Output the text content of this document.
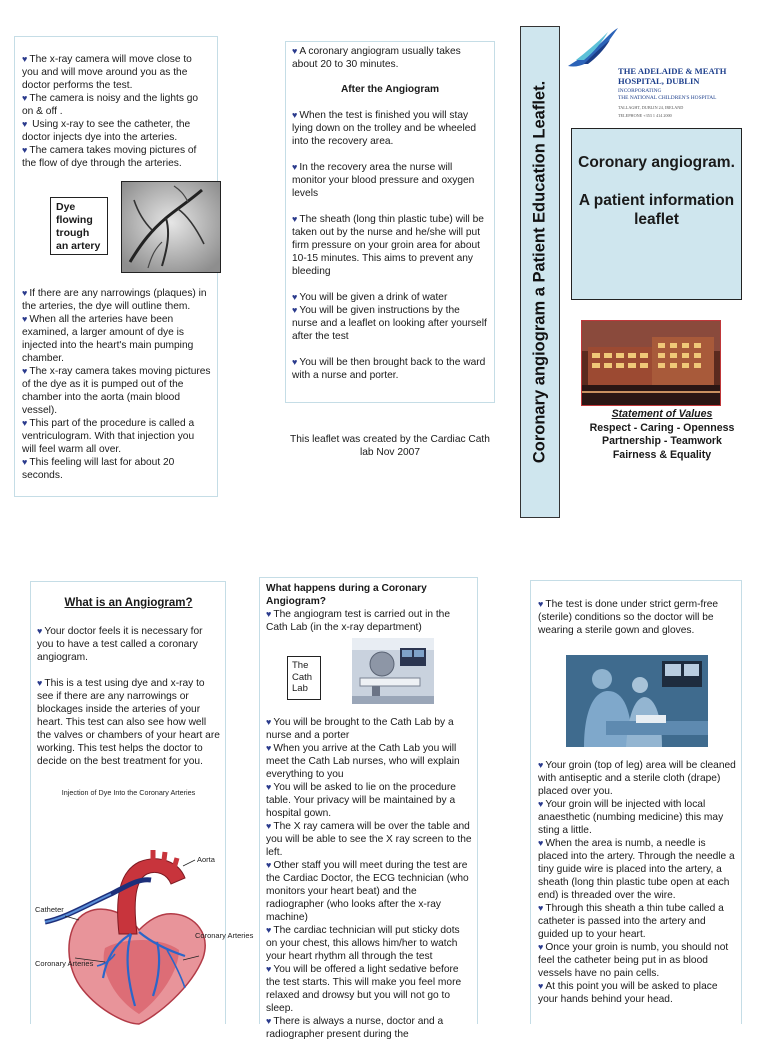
♥ The x-ray camera will move close to you and will move around you as the doctor performs the test.

♥ The camera is noisy and the lights go on & off .

♥ Using x-ray to see the catheter, the doctor injects dye into the arteries.

♥ The camera takes moving pictures of the flow of dye through the arteries.

Dye flowing trough an artery

♥ If there are any narrowings (plaques) in the arteries, the dye will outline them.

♥ When all the arteries have been examined, a larger amount of dye is injected into the heart's main pumping chamber.

♥ The x-ray camera takes moving pictures of the dye as it is pumped out of the chamber into the aorta (main blood vessel).

♥ This part of the procedure is called a ventriculogram. With that injection you will feel warm all over.

♥ This feeling will last for about 20 seconds.

♥ A coronary angiogram usually takes about 20 to 30 minutes.

After the Angiogram

♥ When the test is finished you will stay lying down on the trolley and be wheeled into the recovery area.

♥ In the recovery area the nurse will monitor your blood pressure and oxygen levels

♥ The sheath (long thin plastic tube) will be taken out by the nurse and he/she will put firm pressure on your groin area for about 10-15 minutes. This aims to prevent any bleeding

♥ You will be given a drink of water

♥ You will be given instructions by the nurse and a leaflet on looking after yourself after the test

♥ You will be then brought back to the ward with a nurse and porter.

This leaflet was created by the Cardiac Cath lab Nov 2007	Coronary angiogram a Patient Education Leaflet.
THE ADELAIDE & MEATH
HOSPITAL, DUBLIN
INCORPORATING
THE NATIONAL CHILDREN'S HOSPITAL
TALLAGHT, DUBLIN 24, IRELAND
TELEPHONE +353 1 414 2000
Coronary angiogram.
A patient information leaflet
Statement of Values
Respect - Caring - Openness
Partnership - Teamwork
Fairness & Equality
What is an Angiogram?

♥ Your doctor feels it is necessary for you to have a test called a coronary angiogram.

♥ This is a test using dye and x-ray to see if there are any narrowings or blockages inside the arteries of your heart. This test can also see how well the valves or chambers of your heart are working. This test helps the doctor to decide on the best treatment for you.

Injection of Dye Into the Coronary Arteries
Aorta
Catheter
Coronary Arteries
Coronary Arteries
What happens during a Coronary Angiogram?

♥ The angiogram test is carried out in the Cath Lab (in the x-ray department)

The Cath Lab

♥ You will be brought to the Cath Lab by a nurse and a porter

♥ When you arrive at the Cath Lab you will meet the Cath Lab nurses, who will explain everything to you

♥ You will be asked to lie on the procedure table. Your privacy will be maintained by a hospital gown.

♥ The X ray camera will be over the table and you will be able to see the X ray screen to the left.

♥ Other staff you will meet during the test are the Cardiac Doctor, the ECG technician (who monitors your heart beat) and the radiographer (who looks after the x-ray machine)

♥ The cardiac technician will put sticky dots on your chest, this allows him/her to watch your heart rhythm all through the test

♥ You will be offered a light sedative before the test starts. This will make you feel more relaxed and drowsy but you will not go to sleep.

♥ There is always a nurse, doctor and a radiographer present during the

♥ The test is done under strict germ-free (sterile) conditions so the doctor will be wearing a sterile gown and gloves.

♥ Your groin (top of leg) area will be cleaned with antiseptic and a sterile cloth (drape) placed over you.

♥ Your groin will be injected with local anaesthetic (numbing medicine) this may sting a little.

♥ When the area is numb, a needle is placed into the artery. Through the needle a tiny guide wire is placed into the artery, a sheath (long thin plastic tube open at each end) is threaded over the wire.

♥ Through this sheath a thin tube called a catheter is passed into the artery and guided up to your heart.

♥ Once your groin is numb, you should not feel the catheter being put in as blood vessels have no pain cells.

♥ At this point you will be asked to place your hands behind your head.
